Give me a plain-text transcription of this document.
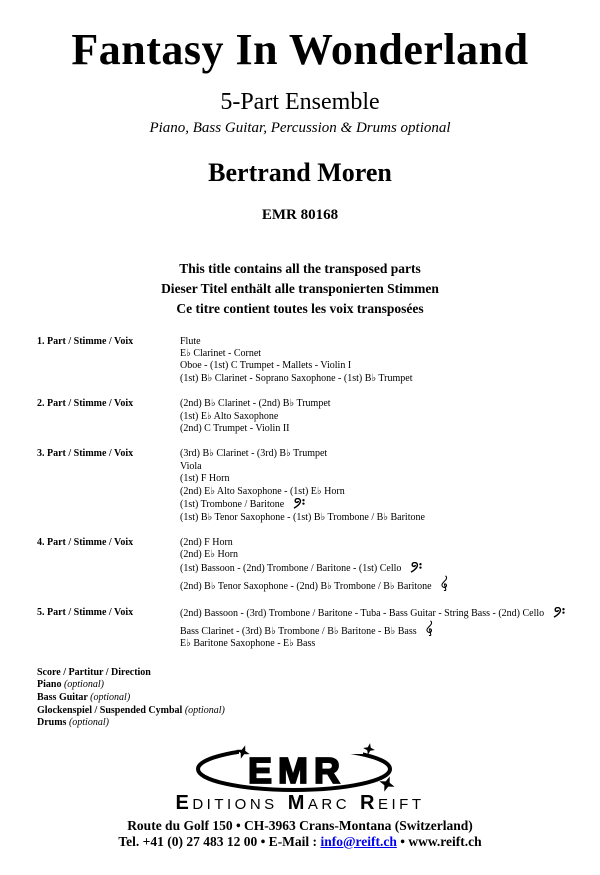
Fantasy In Wonderland
5-Part Ensemble
Piano, Bass Guitar, Percussion & Drums optional
Bertrand Moren
EMR 80168
This title contains all the transposed parts
Dieser Titel enthält alle transponierten Stimmen
Ce titre contient toutes les voix transposées
1. Part / Stimme / Voix	Flute
E♭ Clarinet - Cornet
Oboe - (1st) C Trumpet - Mallets - Violin I
(1st) B♭ Clarinet - Soprano Saxophone - (1st) B♭ Trumpet
2. Part / Stimme / Voix	(2nd) B♭ Clarinet - (2nd) B♭ Trumpet
(1st) E♭ Alto Saxophone
(2nd) C Trumpet - Violin II
3. Part / Stimme / Voix	(3rd) B♭ Clarinet - (3rd) B♭ Trumpet
Viola
(1st) F Horn
(2nd) E♭ Alto Saxophone - (1st) E♭ Horn
(1st) Trombone / Baritone
(1st) B♭ Tenor Saxophone - (1st) B♭ Trombone / B♭ Baritone
4. Part / Stimme / Voix	(2nd) F Horn
(2nd) E♭ Horn
(1st) Bassoon - (2nd) Trombone / Baritone - (1st) Cello
(2nd) B♭ Tenor Saxophone - (2nd) B♭ Trombone / B♭ Baritone
5. Part / Stimme / Voix	(2nd) Bassoon - (3rd) Trombone / Baritone - Tuba - Bass Guitar - String Bass - (2nd) Cello
Bass Clarinet - (3rd) B♭ Trombone / B♭ Baritone - B♭ Bass
E♭ Baritone Saxophone - E♭ Bass
Score / Partitur / Direction
Piano (optional)
Bass Guitar (optional)
Glockenspiel / Suspended Cymbal (optional)
Drums (optional)
EMR
E DITIONS M ARC R EIFT
Route du Golf 150 • CH-3963 Crans-Montana (Switzerland)
Tel. +41 (0) 27 483 12 00 • E-Mail : info@reift.ch • www.reift.ch
